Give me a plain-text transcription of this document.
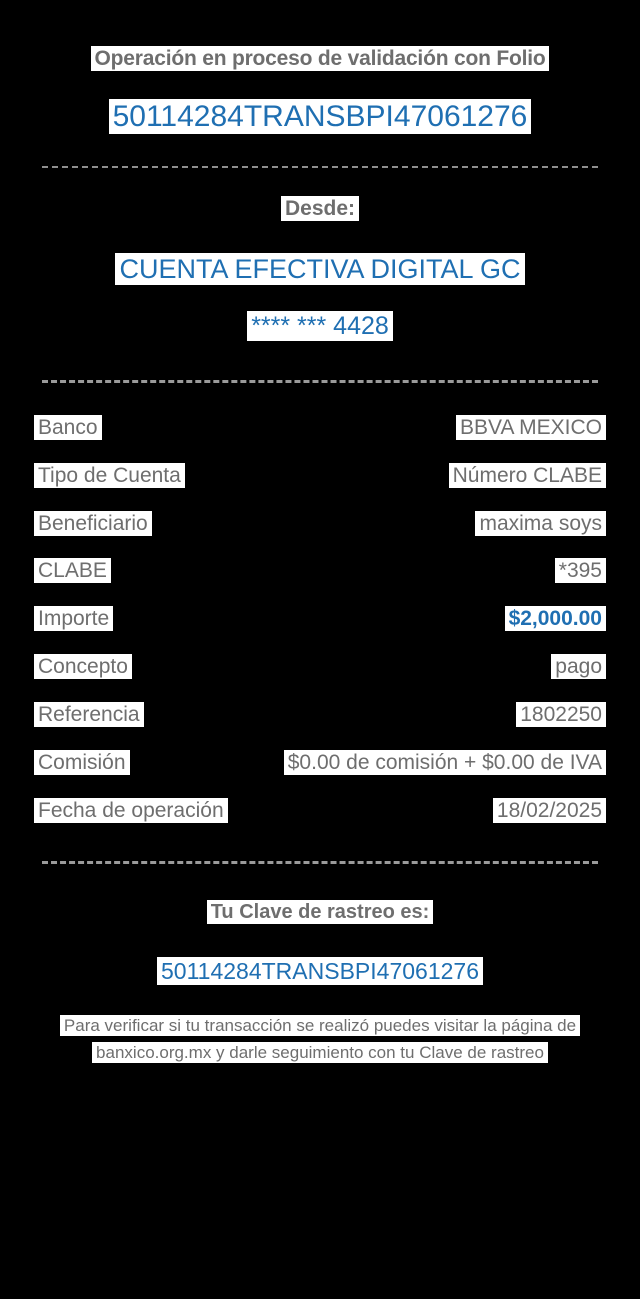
Operación en proceso de validación con Folio
50114284TRANSBPI47061276
Desde:
CUENTA EFECTIVA DIGITAL GC
**** *** 4428
Banco	BBVA MEXICO
Tipo de Cuenta	Número CLABE
Beneficiario	maxima soys
CLABE	*395
Importe	$2,000.00
Concepto	pago
Referencia	1802250
Comisión	$0.00 de comisión + $0.00 de IVA
Fecha de operación	18/02/2025
Tu Clave de rastreo es:
50114284TRANSBPI47061276
Para verificar si tu transacción se realizó puedes visitar la página de banxico.org.mx y darle seguimiento con tu Clave de rastreo
